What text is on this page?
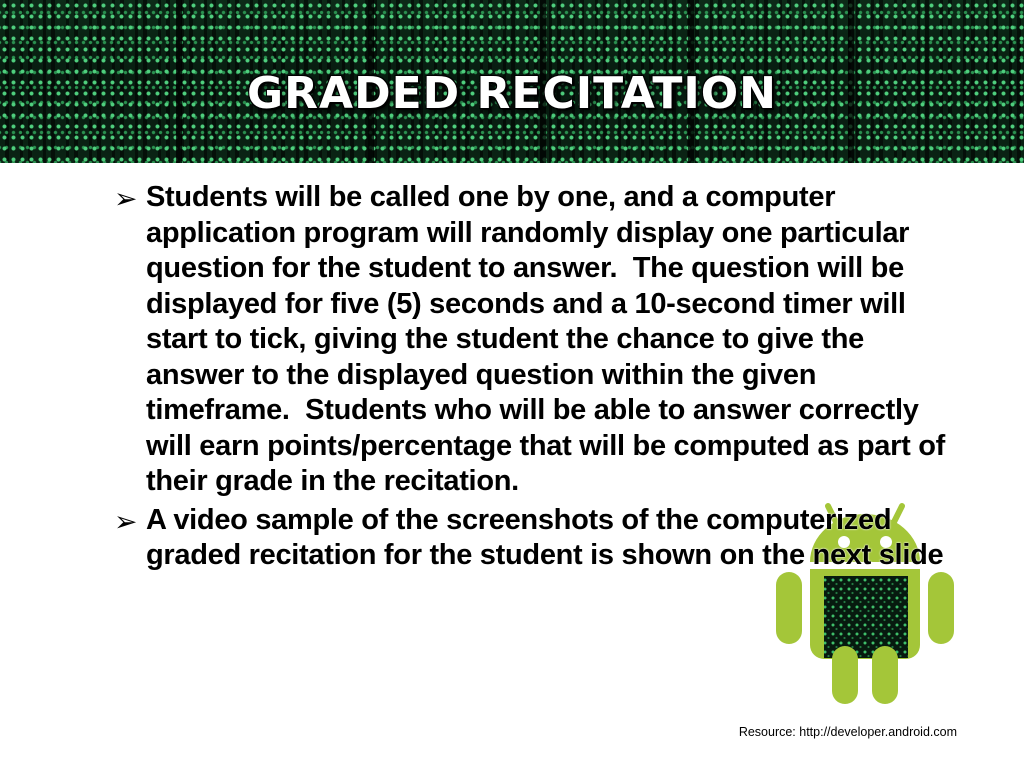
GRADED RECITATION
➢ Students will be called one by one, and a computer application program will randomly display one particular question for the student to answer.  The question will be displayed for five (5) seconds and a 10-second timer will start to tick, giving the student the chance to give the answer to the displayed question within the given timeframe.  Students who will be able to answer correctly will earn points/percentage that will be computed as part of their grade in the recitation.
➢ A video sample of the screenshots of the computerized graded recitation for the student is shown on the next slide
Resource: http://developer.android.com
